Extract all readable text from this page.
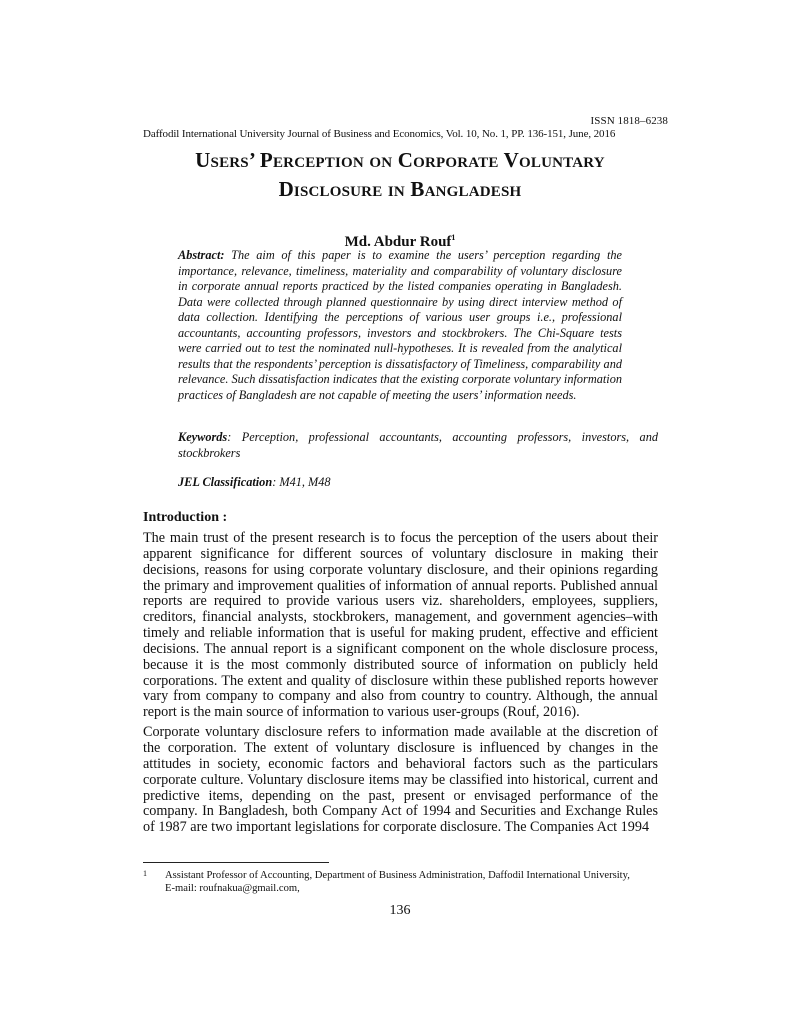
ISSN 1818–6238
Daffodil International University Journal of Business and Economics, Vol. 10, No. 1, PP. 136-151, June, 2016
Users’ Perception on Corporate Voluntary
Disclosure in Bangladesh
Md. Abdur Rouf$^1$

Abstract: The aim of this paper is to examine the users’ perception regarding the importance, relevance, timeliness, materiality and comparability of voluntary disclosure in corporate annual reports practiced by the listed companies operating in Bangladesh. Data were collected through planned questionnaire by using direct interview method of data collection. Identifying the perceptions of various user groups i.e., professional accountants, accounting professors, investors and stockbrokers. The Chi-Square tests were carried out to test the nominated null-hypotheses. It is revealed from the analytical results that the respondents’ perception is dissatisfactory of Timeliness, comparability and relevance. Such dissatisfaction indicates that the existing corporate voluntary information practices of Bangladesh are not capable of meeting the users’ information needs.

Keywords: Perception, professional accountants, accounting professors, investors, and stockbrokers

JEL Classification: M41, M48
Introduction :

The main trust of the present research is to focus the perception of the users about their apparent significance for different sources of voluntary disclosure in making their decisions, reasons for using corporate voluntary disclosure, and their opinions regarding the primary and improvement qualities of information of annual reports. Published annual reports are required to provide various users viz. shareholders, employees, suppliers, creditors, financial analysts, stockbrokers, management, and government agencies–with timely and reliable information that is useful for making prudent, effective and efficient decisions. The annual report is a significant component on the whole disclosure process, because it is the most commonly distributed source of information on publicly held corporations. The extent and quality of disclosure within these published reports however vary from company to company and also from country to country. Although, the annual report is the main source of information to various user-groups (Rouf, 2016).

Corporate voluntary disclosure refers to information made available at the discretion of the corporation. The extent of voluntary disclosure is influenced by changes in the attitudes in society, economic factors and behavioral factors such as the particulars corporate culture. Voluntary disclosure items may be classified into historical, current and predictive items, depending on the past, present or envisaged performance of the company. In Bangladesh, both Company Act of 1994 and Securities and Exchange Rules of 1987 are two important legislations for corporate disclosure. The Companies Act 1994

1 Assistant Professor of Accounting, Department of Business Administration, Daffodil International University,
E-mail: roufnakua@gmail.com,
136
